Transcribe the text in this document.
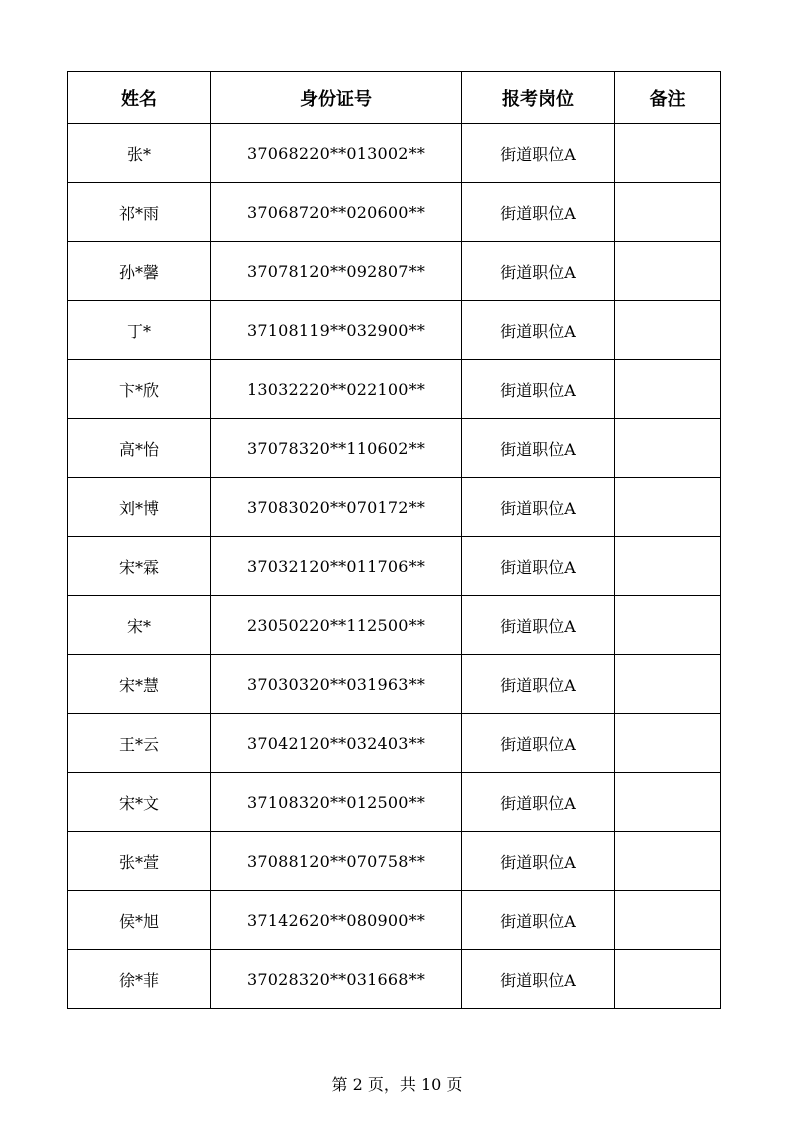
姓名	身份证号	报考岗位	备注
张*	37068220**013002**	街道职位A	
祁*雨	37068720**020600**	街道职位A	
孙*馨	37078120**092807**	街道职位A	
丁*	37108119**032900**	街道职位A	
卞*欣	13032220**022100**	街道职位A	
高*怡	37078320**110602**	街道职位A	
刘*博	37083020**070172**	街道职位A	
宋*霖	37032120**011706**	街道职位A	
宋*	23050220**112500**	街道职位A	
宋*慧	37030320**031963**	街道职位A	
王*云	37042120**032403**	街道职位A	
宋*文	37108320**012500**	街道职位A	
张*萱	37088120**070758**	街道职位A	
侯*旭	37142620**080900**	街道职位A	
徐*菲	37028320**031668**	街道职位A	
第 2 页，共 10 页
